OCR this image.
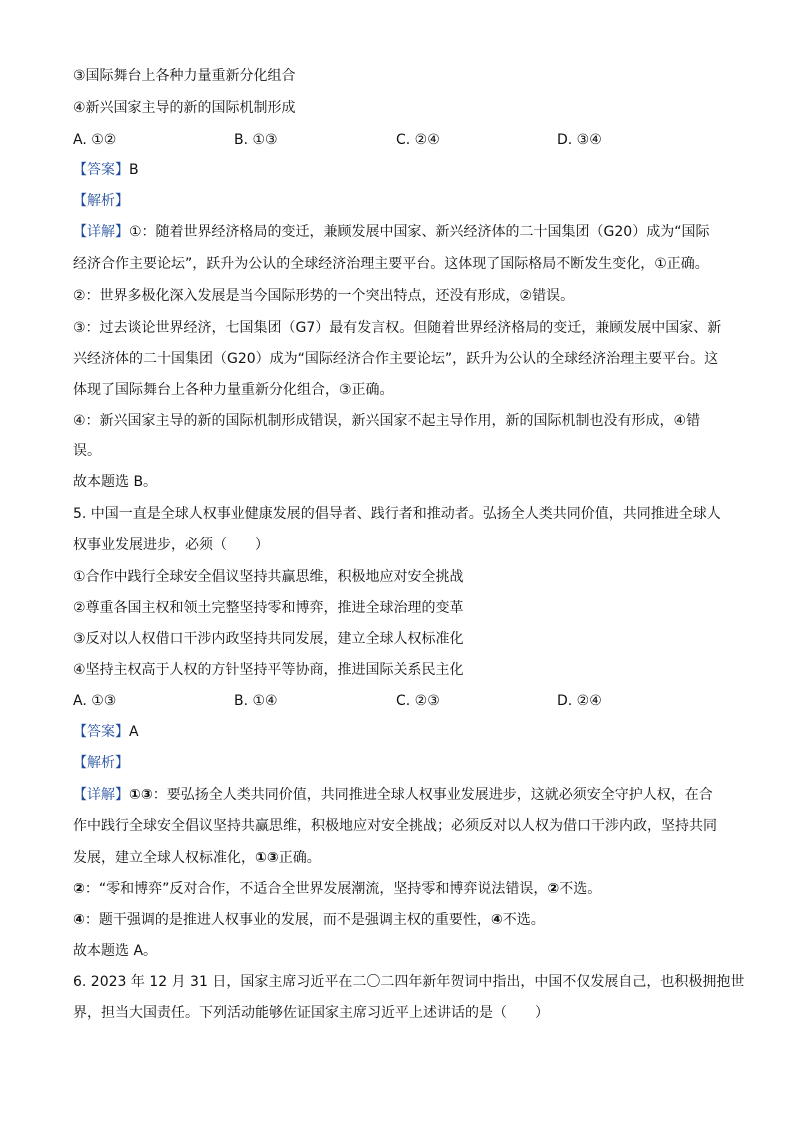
③国际舞台上各种力量重新分化组合
④新兴国家主导的新的国际机制形成
A. ①②	B. ①③	C. ②④	D. ③④
【答案】B
【解析】
【详解】①：随着世界经济格局的变迁，兼顾发展中国家、新兴经济体的二十国集团（G20）成为“国际
经济合作主要论坛”，跃升为公认的全球经济治理主要平台。这体现了国际格局不断发生变化，①正确。
②：世界多极化深入发展是当今国际形势的一个突出特点，还没有形成，②错误。
③：过去谈论世界经济，七国集团（G7）最有发言权。但随着世界经济格局的变迁，兼顾发展中国家、新
兴经济体的二十国集团（G20）成为“国际经济合作主要论坛”，跃升为公认的全球经济治理主要平台。这
体现了国际舞台上各种力量重新分化组合，③正确。
④：新兴国家主导的新的国际机制形成错误，新兴国家不起主导作用，新的国际机制也没有形成，④错
误。
故本题选 B。
5. 中国一直是全球人权事业健康发展的倡导者、践行者和推动者。弘扬全人类共同价值，共同推进全球人
权事业发展进步，必须（　　）
①合作中践行全球安全倡议坚持共赢思维，积极地应对安全挑战
②尊重各国主权和领土完整坚持零和博弈，推进全球治理的变革
③反对以人权借口干涉内政坚持共同发展，建立全球人权标准化
④坚持主权高于人权的方针坚持平等协商，推进国际关系民主化
A. ①③	B. ①④	C. ②③	D. ②④
【答案】A
【解析】
【详解】①③：要弘扬全人类共同价值，共同推进全球人权事业发展进步，这就必须安全守护人权，在合
作中践行全球安全倡议坚持共赢思维，积极地应对安全挑战；必须反对以人权为借口干涉内政，坚持共同
发展，建立全球人权标准化，①③正确。
②：“零和博弈”反对合作，不适合全世界发展潮流，坚持零和博弈说法错误，②不选。
④：题干强调的是推进人权事业的发展，而不是强调主权的重要性，④不选。
故本题选 A。
6. 2023 年 12 月 31 日，国家主席习近平在二〇二四年新年贺词中指出，中国不仅发展自己，也积极拥抱世
界，担当大国责任。下列活动能够佐证国家主席习近平上述讲话的是（　　）
